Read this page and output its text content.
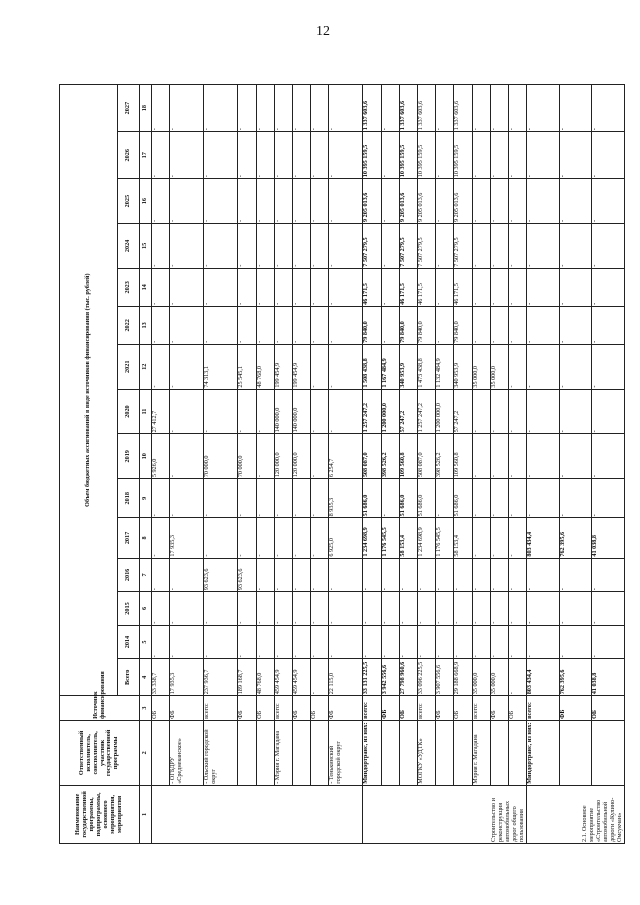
12
Наименование государственной программы, подпрограммы, основного мероприятия, мероприятия	Ответственный исполнитель, соисполнитель, участник государственной программы	Источник финансирования	Объем бюджетных ассигнований в виде источников финансирования (тыс. рублей)														
			Всего	2014	2015	2016	2017	2018	2019	2020	2021	2022	2023	2024	2025	2026	2027
1	2	3	4	5	6	7	8	9	10	11	12	13	14	15	16	17	18
		ОБ	33 338,7	-	-	-	-	-	5 926,0	27 412,7	-	-	-	-	-	-	-
	- ОГБДРУ «Среднеканское»	ФБ	17 935,3	-	-	-	17 935,3	-	-	-	-	-	-	-	-	-	-
	- Ольский городской округ	всего:	237 936,7	-	-	93 623,6	-	-	70 000,0	-	74 313,1	-	-	-	-	-	-
		ФБ	189 168,7	-	-	93 623,6	-	-	70 000,0	-	25 545,1	-	-	-	-	-	-
		ОБ	48 768,0	-	-	-	-	-	-	-	48 768,0	-	-	-	-	-	-
	- Мэрия г. Магадана	всего:	459 454,9	-	-	-	-	-	120 000,0	140 000,0	199 454,9	-	-	-	-	-	-
		ФБ	459 454,9	-	-	-	-	-	120 000,0	140 000,0	199 454,9	-	-	-	-	-	-
		ОБ	-	-	-	-	-	-	-	-	-	-	-	-	-	-	-
	- Тенькинский городской округ	ФБ	22 115,0	-	-	-	6 925,0	8 935,3	6 254,7	-	-	-	-	-	-	-	-
Строительство и реконструкция автомобильных дорог общего пользования	Миндортранс, из них:	всего:	33 131 225,5	-	-	-	1 234 698,9	51 686,0	508 087,0	1 257 247,2	1 508 438,8	79 840,0	46 171,5	7 507 279,5	9 205 013,6	10 395 159,5	1 337 603,6
		ФБ	3 942 556,6	-	-	-	1 176 545,5	-	398 526,2	1 200 000,0	1 167 484,9	-	-	-	-	-	-
		ОБ	27 798 960,6	-	-	-	58 153,4	51 686,0	109 560,8	57 247,2	340 953,9	79 840,0	46 171,5	7 507 279,5	9 205 013,6	10 395 159,5	1 337 603,6
	МОГКУ «УДТК»	всего:	33 096 225,5	-	-	-	1 234 698,9	51 686,0	508 087,0	1 257 247,2	1 473 438,8	79 840,0	46 171,5	7 507 279,5	9 205 013,6	10 395 159,5	1 337 603,6
		ФБ	3 907 556,6	-	-	-	1 176 545,5	-	398 526,2	1 200 000,0	1 132 484,9	-	-	-	-	-	-
		ОБ	29 188 668,9	-	-	-	58 153,4	51 686,0	109 560,8	57 247,2	340 953,9	79 840,0	46 171,5	7 507 279,5	9 205 013,6	10 395 159,5	1 337 603,6
	Мэрия г. Магадана	всего:	35 000,0	-	-	-	-	-	-	-	35 000,0	-	-	-	-	-	-
		ФБ	35 000,0	-	-	-	-	-	-	-	35 000,0	-	-	-	-	-	-
		ОБ	-	-	-	-	-	-	-	-	-	-	-	-	-	-	-
2.1. Основное мероприятие «Строительство автомобильной дороги «Кулино-Омсукчан»	Миндортранс, из них:	всего:	803 434,4	-	-	-	803 434,4	-	-	-	-	-	-	-	-	-	-
		ФБ	762 395,6	-	-	-	762 395,6	-	-	-	-	-	-	-	-	-	-
		ОБ	41 038,8	-	-	-	41 038,8	-	-	-	-	-	-	-	-	-	-
